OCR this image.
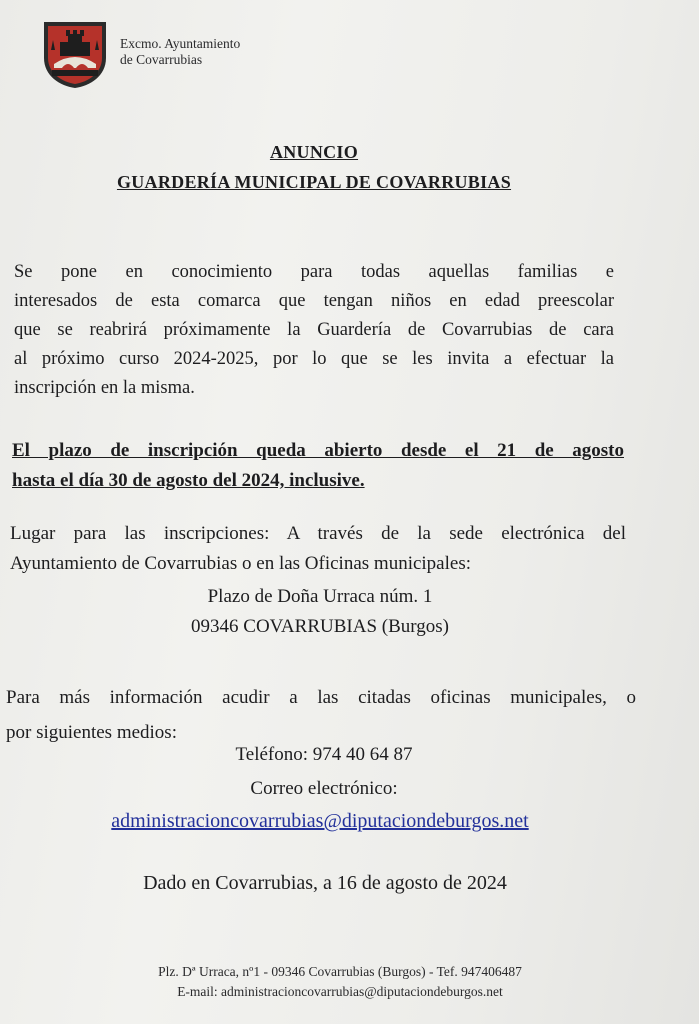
Excmo. Ayuntamiento
de Covarrubias
ANUNCIO
GUARDERÍA MUNICIPAL DE COVARRUBIAS
Se pone en conocimiento para todas aquellas familias e
interesados de esta comarca que tengan niños en edad preescolar
que se reabrirá próximamente la Guardería de Covarrubias de cara
al próximo curso 2024-2025, por lo que se les invita a efectuar la
inscripción en la misma.
El plazo de inscripción queda abierto desde el 21 de agosto
hasta el día 30 de agosto del 2024, inclusive.
Lugar para las inscripciones: A través de la sede electrónica del
Ayuntamiento de Covarrubias o en las Oficinas municipales:
Plazo de Doña Urraca núm. 1
09346 COVARRUBIAS (Burgos)
Para más información acudir a las citadas oficinas municipales, o
por siguientes medios:
Teléfono: 974 40 64 87
Correo electrónico:
administracioncovarrubias@diputaciondeburgos.net
Dado en Covarrubias, a 16 de agosto de 2024
Plz. Dª Urraca, nº1 - 09346 Covarrubias (Burgos) - Tef. 947406487
E-mail: administracioncovarrubias@diputaciondeburgos.net
